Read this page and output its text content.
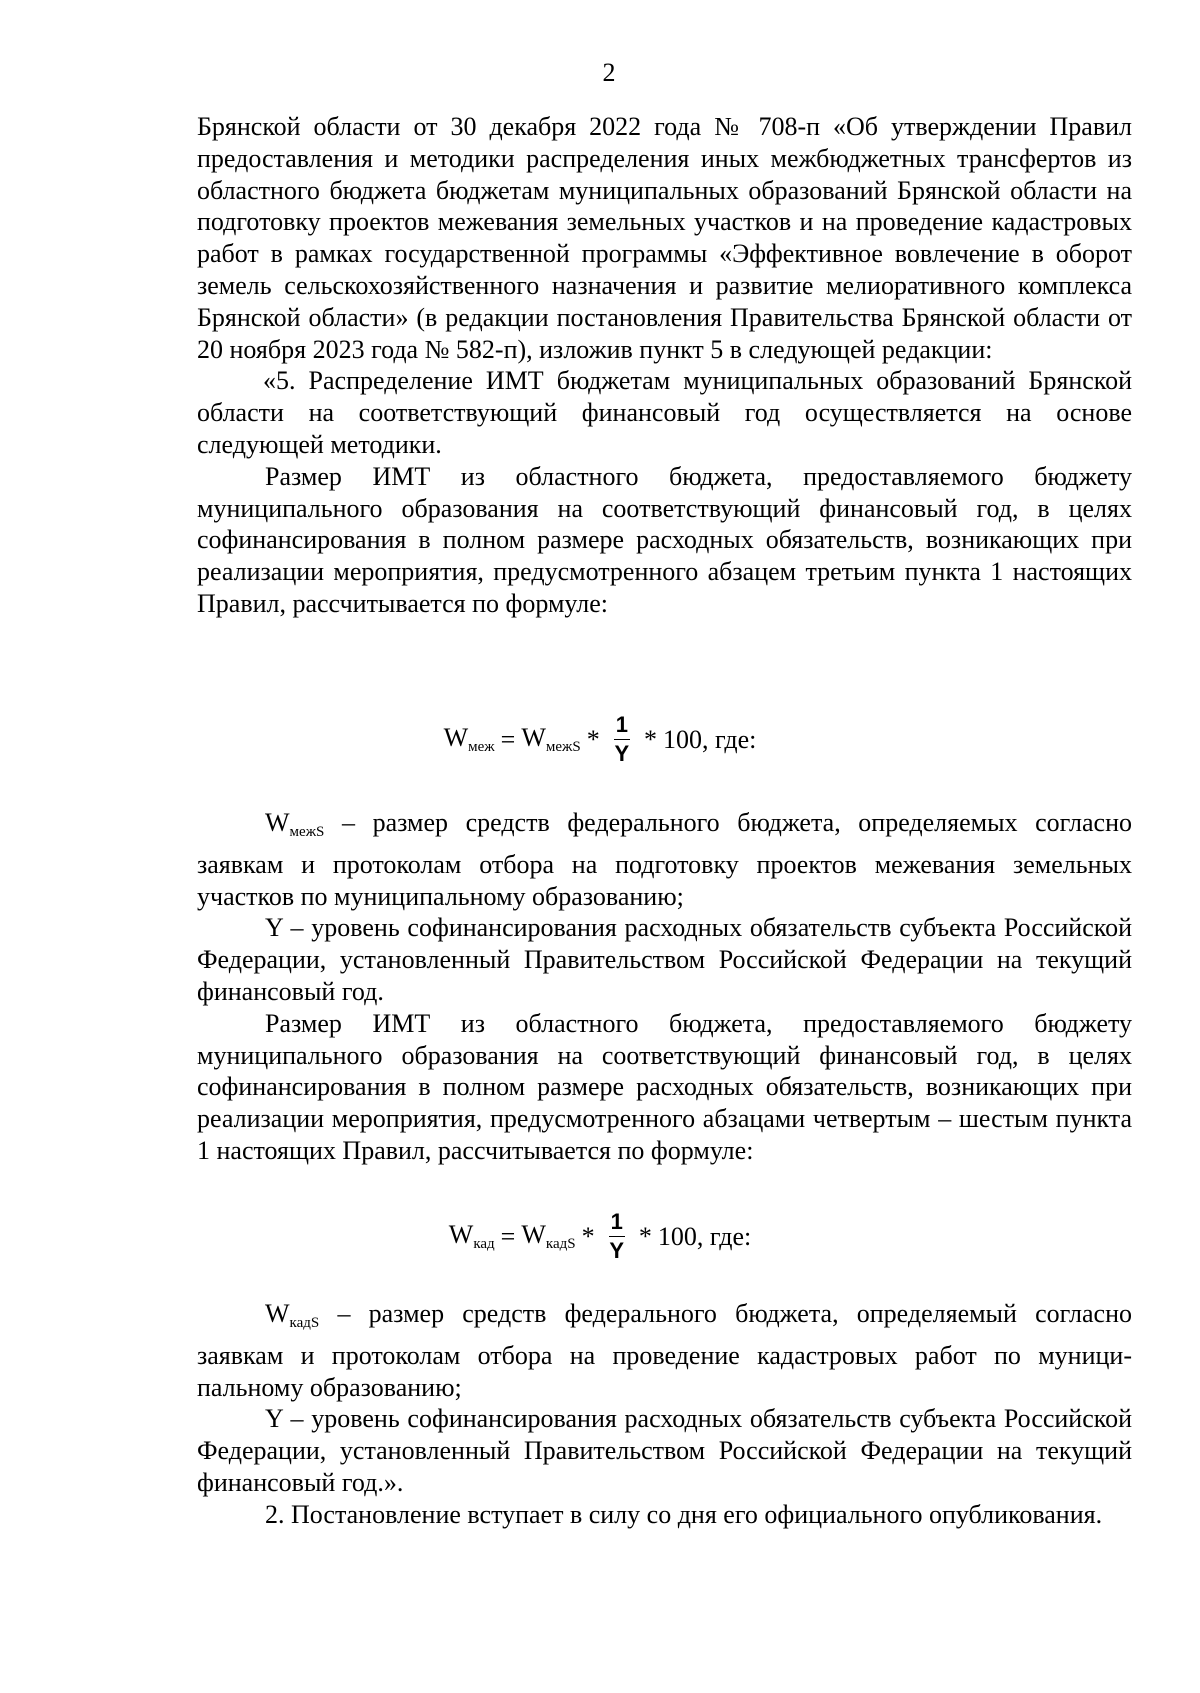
2

Брянской области от 30 декабря 2022 года № 708-п «Об утверждении Правил предоставления и методики распределения иных межбюджетных трансфертов из областного бюджета бюджетам муниципальных образований Брянской области на подготовку проектов межевания земельных участков и на проведение кадастровых работ в рамках государственной программы «Эффективное вовлечение в оборот земель сельскохозяйственного назначения и развитие мелиоративного комплекса Брянской области» (в редакции постановления Правительства Брянской области от 20 ноября 2023 года № 582-п), изложив пункт 5 в следующей редакции:

«5. Распределение ИМТ бюджетам муниципальных образований Брянской области на соответствующий финансовый год осуществляется на основе следующей методики.

Размер ИМТ из областного бюджета, предоставляемого бюджету муниципального образования на соответствующий финансовый год, в целях софинансирования в полном размере расходных обязательств, возникающих при реализации мероприятия, предусмотренного абзацем третьим пункта 1 настоящих Правил, рассчитывается по формуле:

$W_{меж} = W_{межS} * \frac{1}{Y} * 100$, где:

WмежS – размер средств федерального бюджета, определяемых согласно заявкам и протоколам отбора на подготовку проектов межевания земельных участков по муниципальному образованию;

Y – уровень софинансирования расходных обязательств субъекта Российской Федерации, установленный Правительством Российской Федерации на текущий финансовый год.

Размер ИМТ из областного бюджета, предоставляемого бюджету муниципального образования на соответствующий финансовый год, в целях софинансирования в полном размере расходных обязательств, возникающих при реализации мероприятия, предусмотренного абзацами четвертым – шестым пункта 1 настоящих Правил, рассчитывается по формуле:

$W_{кад} = W_{кадS} * \frac{1}{Y} * 100$, где:

WкадS – размер средств федерального бюджета, определяемый согласно заявкам и протоколам отбора на проведение кадастровых работ по муниципальному образованию;

Y – уровень софинансирования расходных обязательств субъекта Российской Федерации, установленный Правительством Российской Федерации на текущий финансовый год.».

2. Постановление вступает в силу со дня его официального опубликования.
